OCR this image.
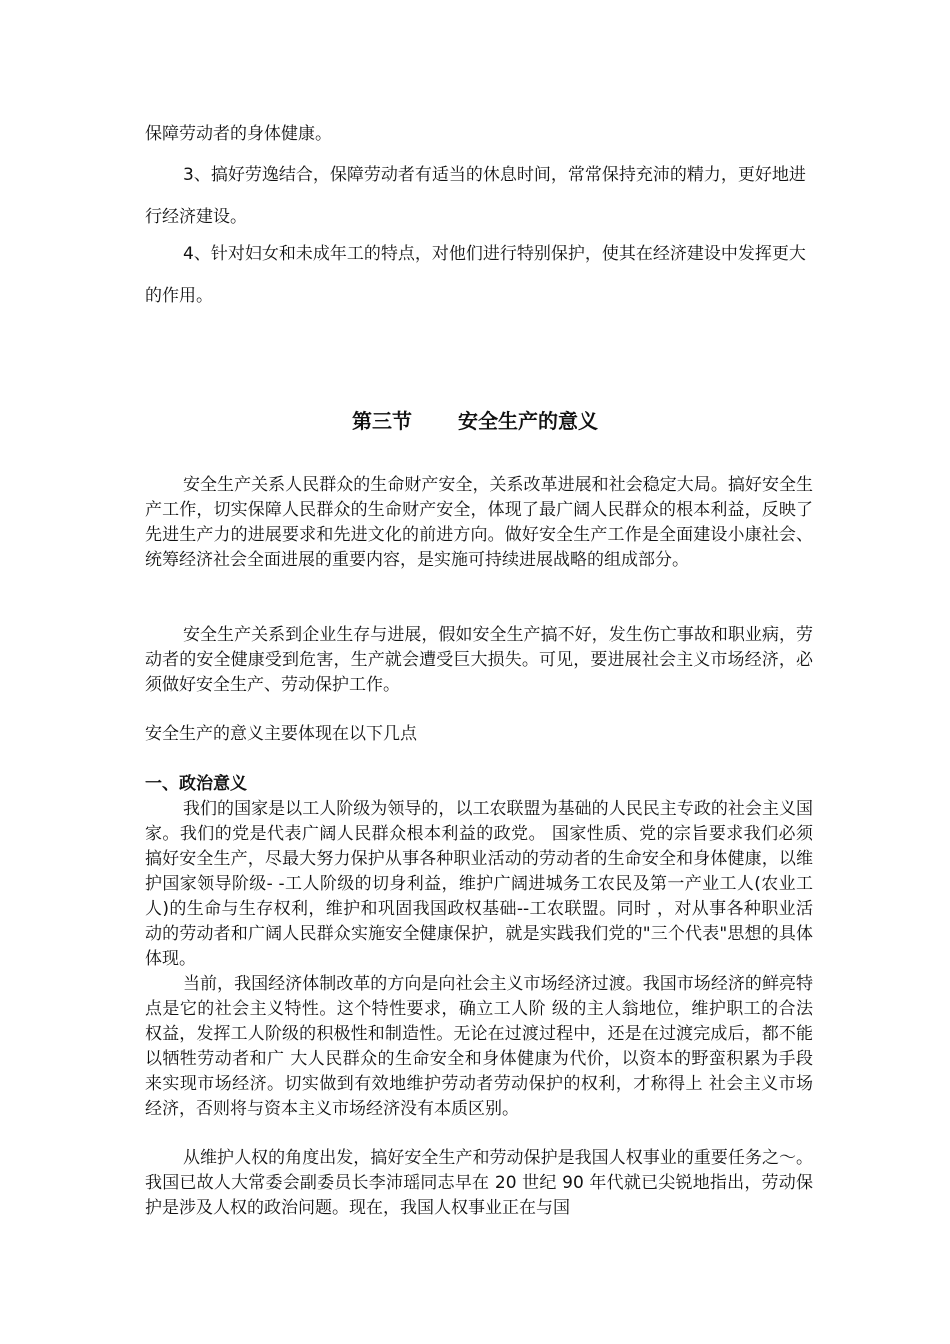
保障劳动者的身体健康。

3、搞好劳逸结合，保障劳动者有适当的休息时间，常常保持充沛的精力，更好地进行经济建设。

4、针对妇女和未成年工的特点，对他们进行特别保护，使其在经济建设中发挥更大的作用。

第三节 安全生产的意义

安全生产关系人民群众的生命财产安全，关系改革进展和社会稳定大局。搞好安全生产工作，切实保障人民群众的生命财产安全，体现了最广阔人民群众的根本利益，反映了先进生产力的进展要求和先进文化的前进方向。做好安全生产工作是全面建设小康社会、统筹经济社会全面进展的重要内容，是实施可持续进展战略的组成部分。

安全生产关系到企业生存与进展，假如安全生产搞不好，发生伤亡事故和职业病，劳动者的安全健康受到危害，生产就会遭受巨大损失。可见，要进展社会主义市场经济，必须做好安全生产、劳动保护工作。

安全生产的意义主要体现在以下几点

一、政治意义

我们的国家是以工人阶级为领导的，以工农联盟为基础的人民民主专政的社会主义国家。我们的党是代表广阔人民群众根本利益的政党。 国家性质、党的宗旨要求我们必须搞好安全生产，尽最大努力保护从事各种职业活动的劳动者的生命安全和身体健康，以维护国家领导阶级- -工人阶级的切身利益，维护广阔进城务工农民及第一产业工人(农业工人)的生命与生存权利，维护和巩固我国政权基础--工农联盟。同时 ，对从事各种职业活动的劳动者和广阔人民群众实施安全健康保护，就是实践我们党的"三个代表"思想的具体体现。

当前，我国经济体制改革的方向是向社会主义市场经济过渡。我国市场经济的鲜亮特点是它的社会主义特性。这个特性要求，确立工人阶 级的主人翁地位，维护职工的合法权益，发挥工人阶级的积极性和制造性。无论在过渡过程中，还是在过渡完成后，都不能以牺牲劳动者和广 大人民群众的生命安全和身体健康为代价，以资本的野蛮积累为手段来实现市场经济。切实做到有效地维护劳动者劳动保护的权利，才称得上 社会主义市场经济，否则将与资本主义市场经济没有本质区别。

从维护人权的角度出发，搞好安全生产和劳动保护是我国人权事业的重要任务之～。我国已故人大常委会副委员长李沛瑶同志早在 20 世纪 90 年代就已尖锐地指出，劳动保护是涉及人权的政治问题。现在，我国人权事业正在与国
